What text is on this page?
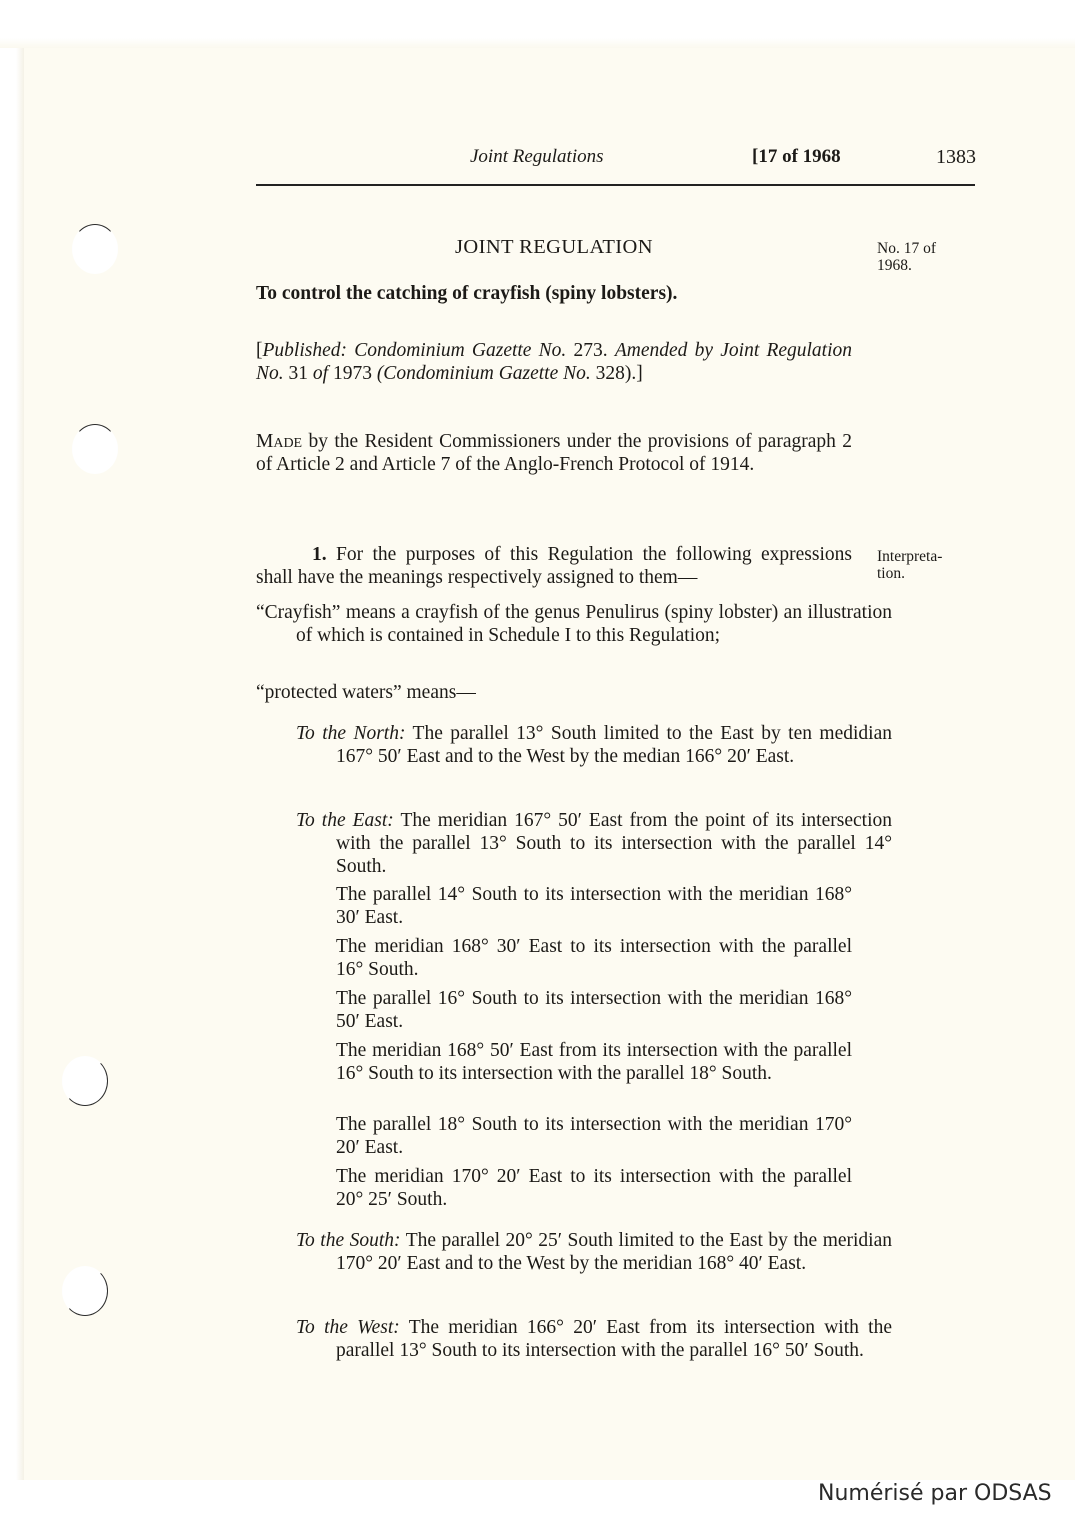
Joint Regulations	[17 of 1968	1383
JOINT REGULATION	No. 17 of
1968.
To control the catching of crayfish (spiny lobsters).
[Published: Condominium Gazette No. 273. Amended by Joint Regulation No. 31 of 1973 (Condominium Gazette No. 328).]
Made by the Resident Commissioners under the provisions of paragraph 2 of Article 2 and Article 7 of the Anglo-French Protocol of 1914.
1. For the purposes of this Regulation the following expressions shall have the meanings respectively assigned to them—
Interpreta-
tion.
“Crayfish” means a crayfish of the genus Penulirus (spiny lobster) an illustration of which is contained in Schedule I to this Regulation;
“protected waters” means—
To the North: The parallel 13° South limited to the East by ten medidian 167° 50′ East and to the West by the median 166° 20′ East.
To the East: The meridian 167° 50′ East from the point of its intersection with the parallel 13° South to its intersection with the parallel 14° South.
The parallel 14° South to its intersection with the meridian 168° 30′ East.
The meridian 168° 30′ East to its intersection with the parallel 16° South.
The parallel 16° South to its intersection with the meridian 168° 50′ East.
The meridian 168° 50′ East from its intersection with the parallel 16° South to its intersection with the parallel 18° South.
The parallel 18° South to its intersection with the meridian 170° 20′ East.
The meridian 170° 20′ East to its intersection with the parallel 20° 25′ South.
To the South: The parallel 20° 25′ South limited to the East by the meridian 170° 20′ East and to the West by the meridian 168° 40′ East.
To the West: The meridian 166° 20′ East from its intersection with the parallel 13° South to its intersection with the parallel 16° 50′ South.
Numérisé par ODSAS
